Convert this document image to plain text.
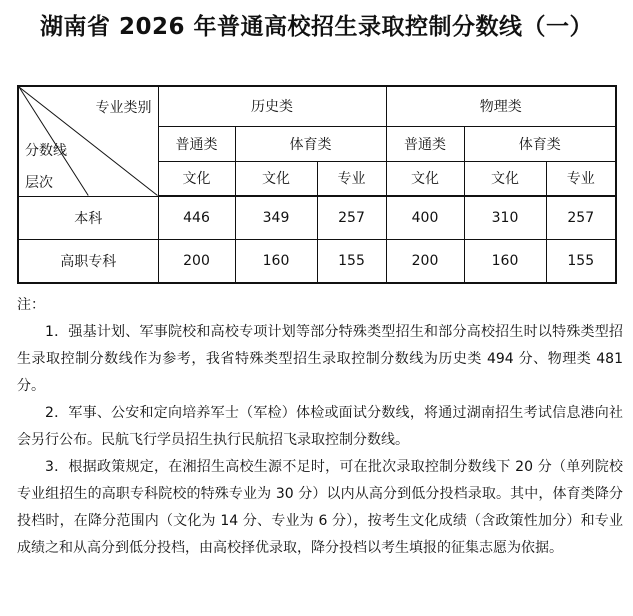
湖南省 2026 年普通高校招生录取控制分数线（一）
专业类别
分数线
层次	历史类			物理类		
	普通类	体育类		普通类	体育类	
	文化	文化	专业	文化	文化	专业
本科	446	349	257	400	310	257
高职专科	200	160	155	200	160	155

注：

1．强基计划、军事院校和高校专项计划等部分特殊类型招生和部分高校招生时以特殊类型招生录取控制分数线作为参考，我省特殊类型招生录取控制分数线为历史类 494 分、物理类 481 分。

2．军事、公安和定向培养军士（军检）体检或面试分数线，将通过湖南招生考试信息港向社会另行公布。民航飞行学员招生执行民航招飞录取控制分数线。

3．根据政策规定，在湘招生高校生源不足时，可在批次录取控制分数线下 20 分（单列院校专业组招生的高职专科院校的特殊专业为 30 分）以内从高分到低分投档录取。其中，体育类降分投档时，在降分范围内（文化为 14 分、专业为 6 分），按考生文化成绩（含政策性加分）和专业成绩之和从高分到低分投档，由高校择优录取，降分投档以考生填报的征集志愿为依据。
